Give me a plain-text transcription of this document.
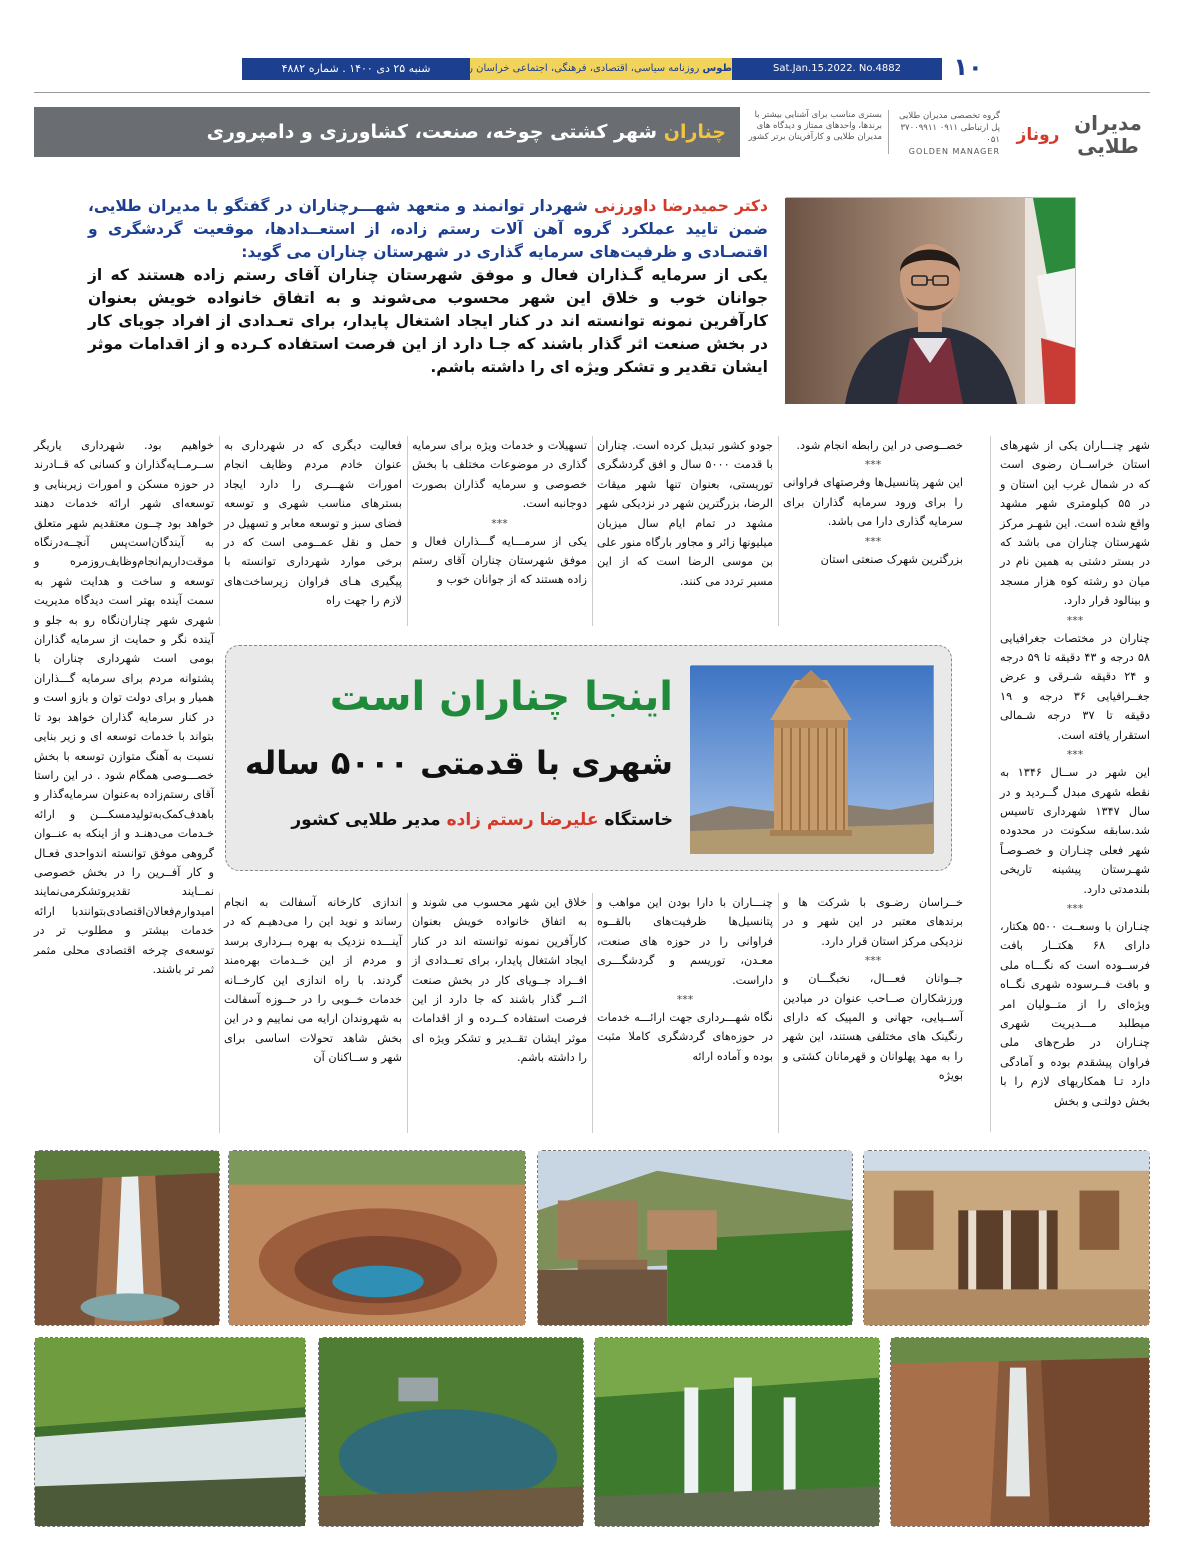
۱۰
Sat.Jan.15.2022. No.4882
طوس روزنامه سیاسی، اقتصادی، فرهنگی، اجتماعی خراسان رضوی
شنبه ۲۵ دی ۱۴۰۰ . شماره ۴۸۸۲
مدیران
طلایی
روناز
گروه تخصصی مدیران طلایی
پل ارتباطی ۰۹۱۱ ۳۷۰۰۹۹۱۱ ۰۵۱
GOLDEN MANAGER
بستری مناسب برای آشنایی بیشتر با برندها، واحدهای ممتاز و دیدگاه های مدیران طلایی و کارآفرینان برتر کشور
چناران شهر کشتی چوخه، صنعت، کشاورزی و دامپروری
دکتر حمیدرضا داورزنی شهردار توانمند و متعهد شهـــرچناران در گفتگو با مدیران طلایی، ضمن تایید عملکرد گروه آهن آلات رستم زاده، از استعــدادها، موقعیت گردشگری و اقتصـادی و ظرفیت‌های سرمایه گذاری در شهرستان چناران می گوید:
یکی از سرمایه گـذاران فعال و موفق شهرستان چناران آقای رستم زاده هستند که از جوانان خوب و خلاق این شهر محسوب می‌شوند و به اتفاق خانواده خویش بعنوان کارآفرین نمونه توانسته اند در کنار ایجاد اشتغال پایدار، برای تعـدادی از افراد جویای کار در بخش صنعت اثر گذار باشند که جـا دارد از این فرصت استفاده کـرده و از اقدامات موثر ایشان تقدیر و تشکر ویژه ای را داشته باشم.

شهر چنـــاران یکی از شهرهای استان خراســان رضوی است که در شمال غرب این استان و در ۵۵ کیلومتری شهر مشهد واقع شده است. این شهـر مرکز شهرستان چناران می باشد که در بستر دشتی به همین نام در میان دو رشته کوه هزار مسجد و بینالود قرار دارد.

***

چناران در مختصات جغرافیایی ۵۸ درجه و ۴۳ دقیقه تا ۵۹ درجه و ۲۴ دقیقه شـرقی و عرض جغــرافیایی ۳۶ درجه و ۱۹ دقیقه تا ۳۷ درجه شـمالی استقرار یافته است.

***

این شهر در ســال ۱۳۴۶ به نقطه شهری مبدل گــردید و در سال ۱۳۴۷ شهرداری تاسیس شد.سابقه سکونت در محدوده شهر فعلی چنـاران و خصـوصـاً شهـرستان پیشینه تاریخی بلندمدتی دارد.

***

چنـاران با وسعــت ۵۵۰۰ هکتار، دارای ۶۸ هکتــار بافت فرســوده است که نگـــاه ملی و بافت فــرسوده شهری نگــاه ویژه‌ای را از متــولیان امر میطلبد مـــدیریت شهری چنـاران در طرح‌های ملی فراوان پیشقدم بوده و آمادگی دارد تـا همکاریهای لازم را با بخش دولتـی و بخش

خصــوصی در این رابطه انجام شود.

***

این شهر پتانسیل‌ها وفرصتهای فراوانی را برای ورود سرمایه گذاران برای سرمایه گذاری دارا می باشد.

***

بزرگترین شهرک صنعتی استان

جودو کشور تبدیل کرده است. چناران با قدمت ۵۰۰۰ سال و افق گردشگری توریستی، بعنوان تنها شهر میقات الرضا، بزرگترین شهر در نزدیکی شهر مشهد در تمام ایام سال میزبان میلیونها زائر و مجاور بارگاه منور علی بن موسی الرضا است که از این مسیر تردد می کنند.

تسهیلات و خدمات ویژه برای سرمایه گذاری در موضوعات مختلف با بخش خصوصی و سرمایه گذاران بصورت دوجانبه است.

***

یکی از سرمـــایه گـــذاران فعال و موفق شهرستان چناران آقای رستم زاده هستند که از جوانان خوب و

فعالیت دیگری که در شهرداری به عنوان خادم مردم وظایف انجام امورات شهـــری را دارد ایجاد بسترهای مناسب شهری و توسعه فضای سبز و توسعه معابر و تسهیل در حمل و نقل عمــومی است که در برخی موارد شهرداری توانسته با پیگیری هـای فراوان زیرساخت‌های لازم را جهت راه

خواهیم بود. شهرداری یاریگر ســرمــایه‌گذاران و کسانی که قــادرند در حوزه مسکن و امورات زیربنایی و توسعه‌ای شهر ارائه خدمات دهند خواهد بود چــون معتقدیم شهر متعلق به آیندگان‌است‌پس آنچــه‌درنگاه موقت‌داریم‌انجام‌وظایف‌روزمره و توسعه و ساخت و هدایت شهر به سمت آینده بهتر است دیدگاه مدیریت شهری شهر چناران‌نگاه رو به جلو و آینده نگر و حمایت از سرمایه گذاران بومی است شهرداری چناران با پشتوانه مردم برای سرمایه گـــذاران همیار و برای دولت توان و بازو است و در کنار سرمایه گذاران خواهد بود تا بتواند با خدمات توسعه ای و زیر بنایی نسبت به آهنگ متوازن توسعه با بخش خصـــوصی همگام شود . در این راستا آقای رستم‌زاده به‌عنوان سرمایه‌گذار و باهدف‌کمک‌به‌تولیدمسکـــن و ارائه خـدمات می‌دهنـد و از اینکه به عنــوان گروهی موفق توانسته اندواحدی فعـال و کار آفــرین را در بخش خصوصی نمــایند تقدیروتشکرمی‌نمایند امیدوارم‌فعالان‌اقتصادی‌بتوانندبا ارائه خدمات بیشتر و مطلوب تر در توسعه‌ی چرخه اقتصادی محلی مثمر ثمر تر باشند.

اینجا چناران است
شهری با قدمتی ۵۰۰۰ ساله
خاستگاه علیرضا رستم زاده مدیر طلایی کشور

خــراسان رضـوی با شرکت ها و برندهای معتبر در این شهر و در نزدیکی مرکز استان قرار دارد.

***

جــوانان فعـــال، نخبگـــان و ورزشکاران صــاحب عنوان در میادین آســیایی، جهانی و المپیک که دارای رنگینک های مختلفی هستند، این شهر را به مهد پهلوانان و قهرمانان کشتی و بویژه

چنـــاران با دارا بودن این مواهب و پتانسیل‌ها ظرفیت‌های بالقــوه فراوانی را در حوزه های صنعت، معـدن، توریسم و گردشگـــری داراست.

***

نگاه شهـــرداری جهت ارائـــه خدمات در حوزه‌های گردشگری کاملا مثبت بوده و آماده ارائه

خلاق این شهر محسوب می شوند و به اتفاق خانواده خویش بعنوان کارآفرین نمونه توانسته اند در کنار ایجاد اشتغال پایدار، برای تعــدادی از افــراد جــویای کار در بخش صنعت اثــر گذار باشند که جا دارد از این فرصت استفاده کــرده و از اقدامات موثر ایشان تقــدیر و تشکر ویژه ای را داشته باشم.

اندازی کارخانه آسفالت به انجام رساند و نوید این را می‌دهیـم که در آینـــده نزدیک به بهره بــرداری برسد و مردم از این خــدمات بهره‌مند گردند. با راه اندازی این کارخــانه خدمات خــوبی را در حــوزه آسفالت به شهروندان ارایه می نماییم و در این بخش شاهد تحولات اساسی برای شهر و ســاکنان آن
